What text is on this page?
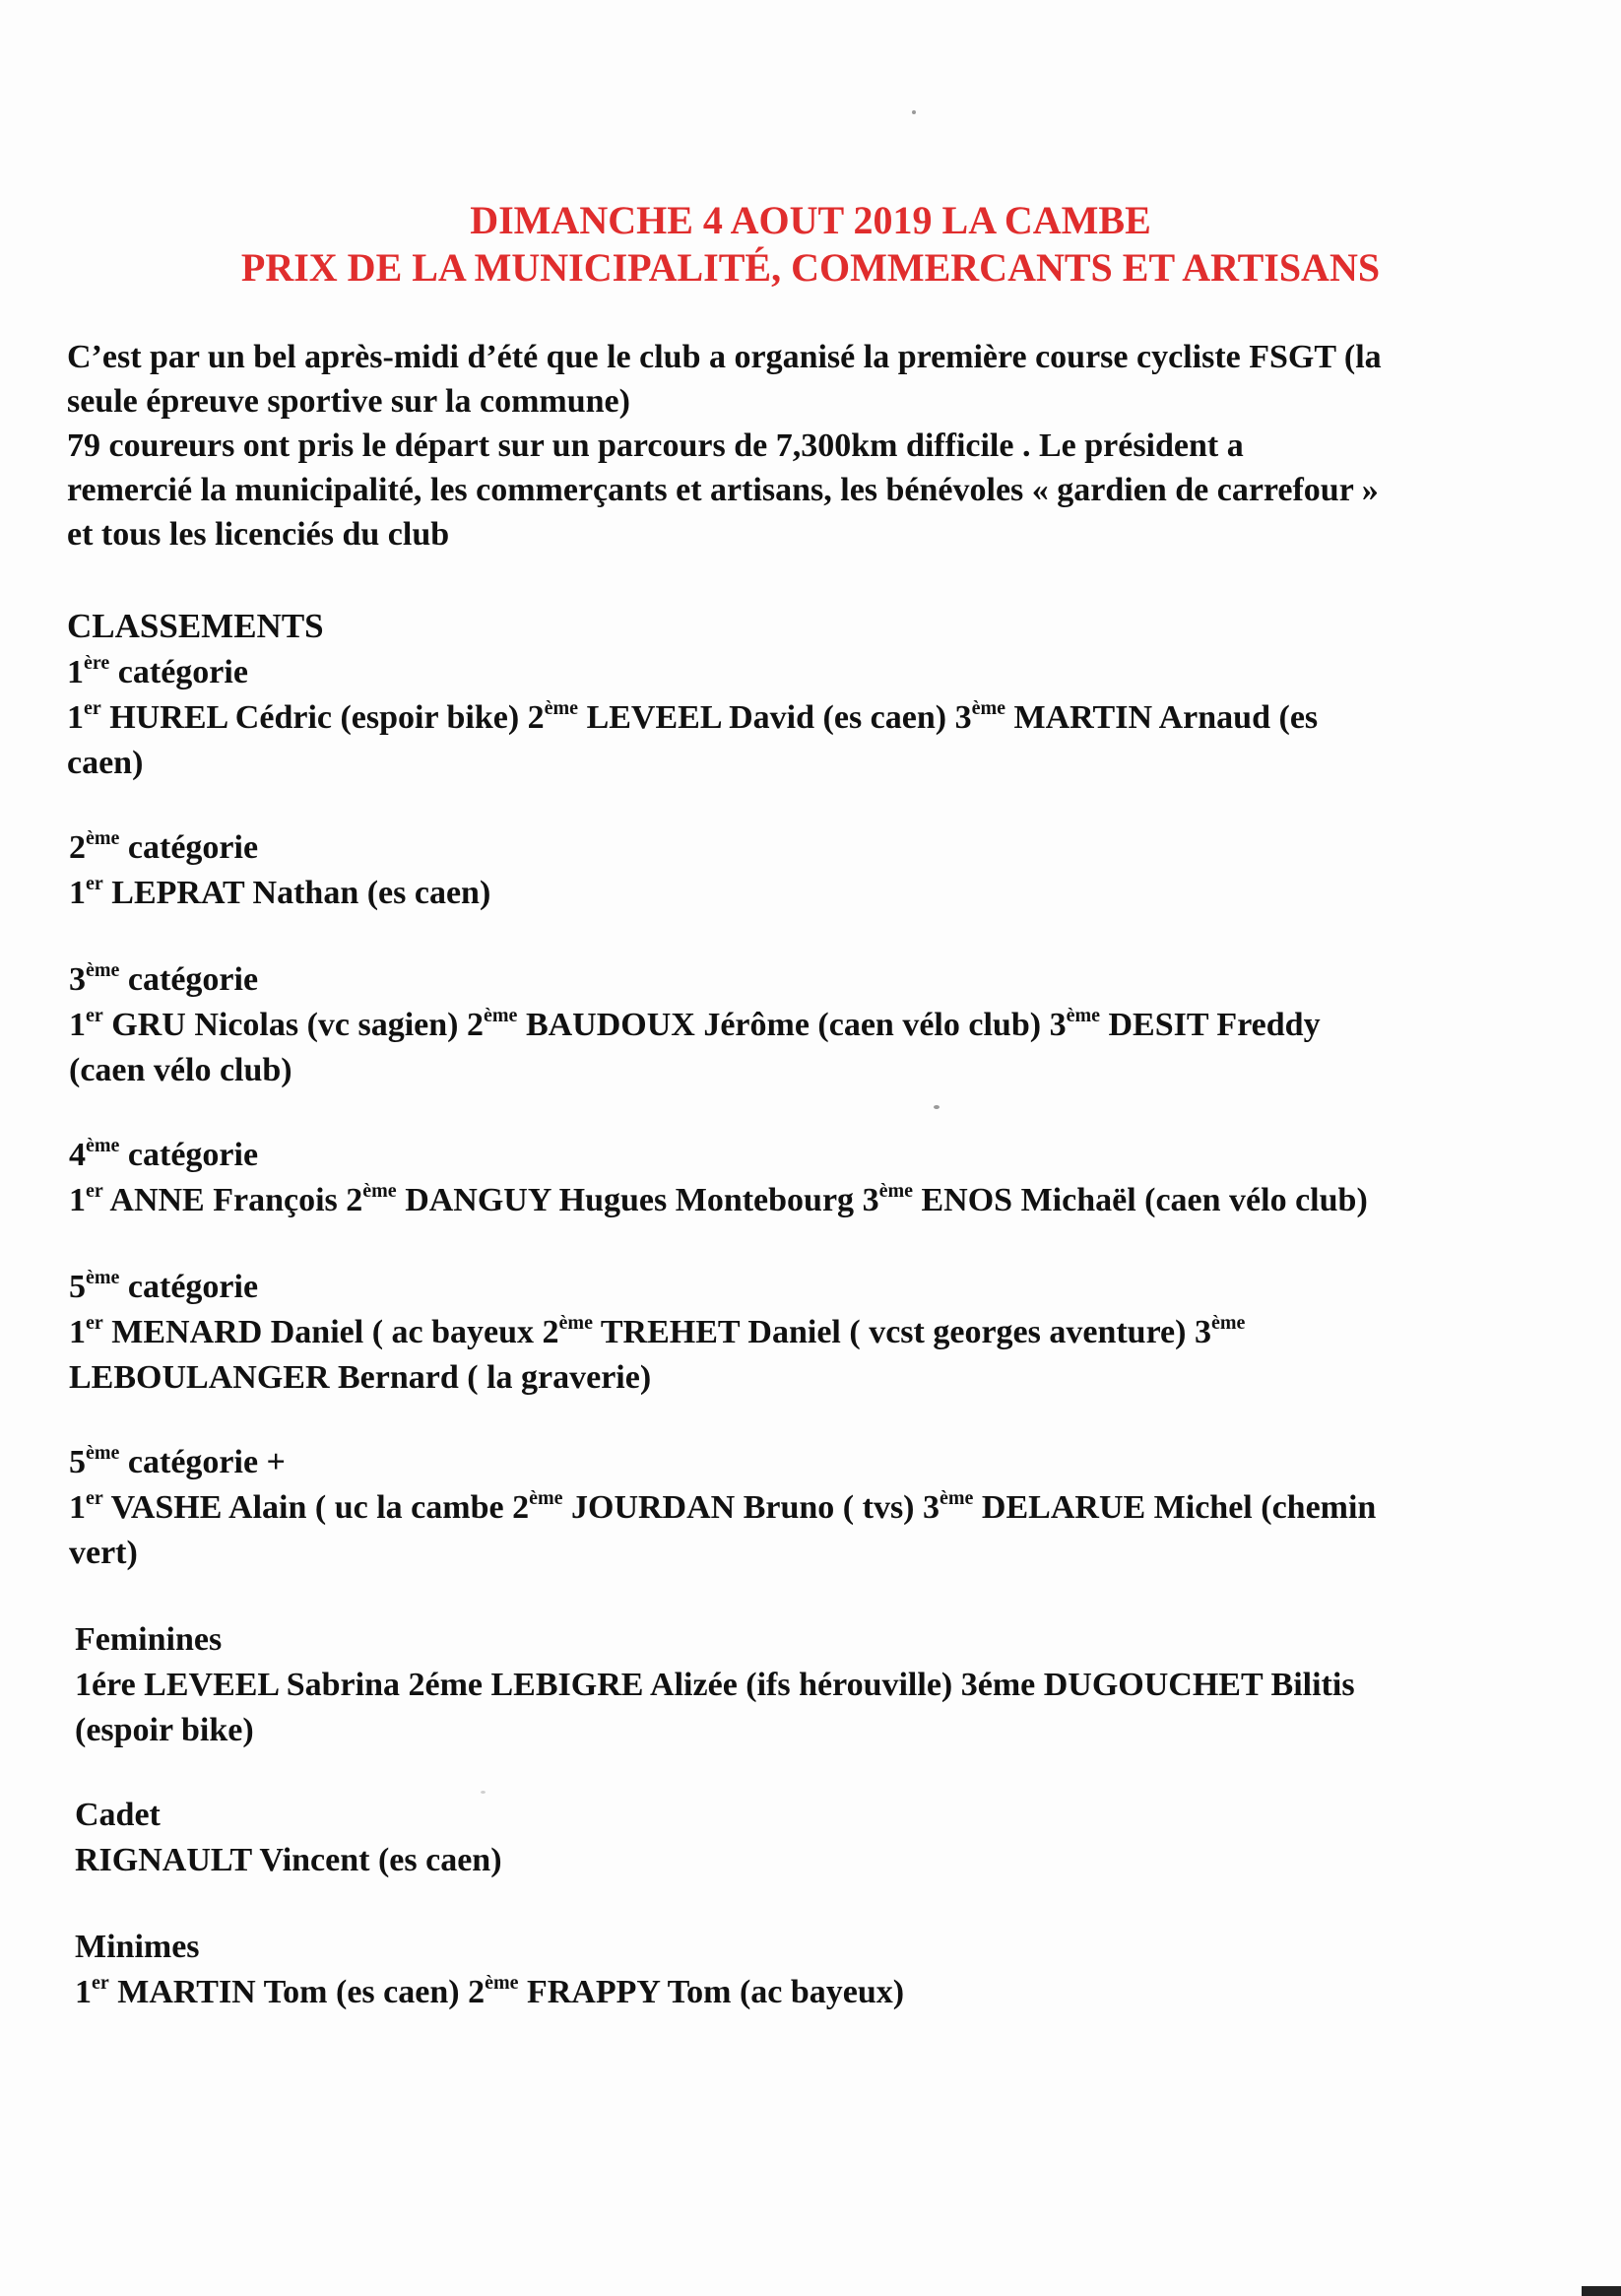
DIMANCHE 4 AOUT 2019 LA CAMBE
PRIX DE LA MUNICIPALITÉ, COMMERCANTS ET ARTISANS
C’est par un bel après-midi d’été que le club a organisé la première course cycliste FSGT (la
seule épreuve sportive sur la commune)
79 coureurs ont pris le départ sur un parcours de 7,300km difficile . Le président a
remercié la municipalité, les commerçants et artisans, les bénévoles « gardien de carrefour »
et tous les licenciés du club
CLASSEMENTS
1ère catégorie
1er HUREL Cédric (espoir bike) 2ème LEVEEL David (es caen) 3ème MARTIN Arnaud (es
caen)
2ème catégorie
1er LEPRAT Nathan (es caen)
3ème catégorie
1er GRU Nicolas (vc sagien) 2ème BAUDOUX Jérôme (caen vélo club) 3ème DESIT Freddy
(caen vélo club)
4ème catégorie
1er ANNE François 2ème DANGUY Hugues Montebourg 3ème ENOS Michaël (caen vélo club)
5ème catégorie
1er MENARD Daniel ( ac bayeux 2ème TREHET Daniel ( vcst georges aventure) 3ème
LEBOULANGER Bernard ( la graverie)
5ème catégorie +
1er VASHE Alain ( uc la cambe 2ème JOURDAN Bruno ( tvs) 3ème DELARUE Michel (chemin
vert)
Feminines
1ére LEVEEL Sabrina 2éme LEBIGRE Alizée (ifs hérouville) 3éme DUGOUCHET Bilitis
(espoir bike)
Cadet
RIGNAULT Vincent (es caen)
Minimes
1er MARTIN Tom (es caen) 2ème FRAPPY Tom (ac bayeux)
